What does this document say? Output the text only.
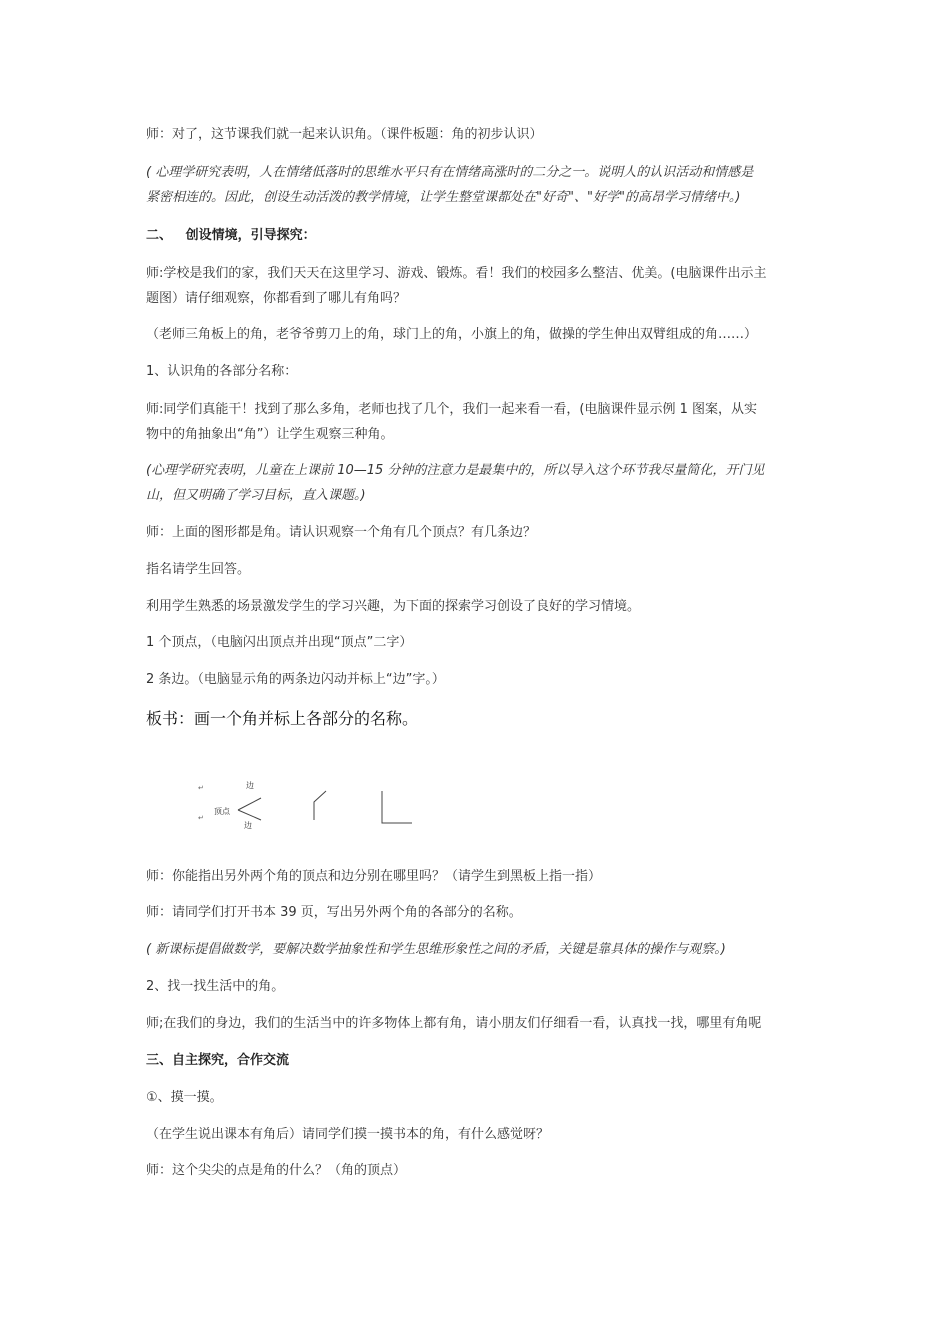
师：对了，这节课我们就一起来认识角。（课件板题：角的初步认识）
( 心理学研究表明，人在情绪低落时的思维水平只有在情绪高涨时的二分之一。说明人的认识活动和情感是
紧密相连的。因此，创设生动活泼的教学情境，让学生整堂课都处在"好奇"、"好学"的高昂学习情绪中。)
二、   创设情境，引导探究：
师:学校是我们的家，我们天天在这里学习、游戏、锻炼。看！我们的校园多么整洁、优美。(电脑课件出示主
题图）请仔细观察，你都看到了哪儿有角吗？
（老师三角板上的角，老爷爷剪刀上的角，球门上的角，小旗上的角，做操的学生伸出双臂组成的角……）
1、认识角的各部分名称：
师:同学们真能干！找到了那么多角，老师也找了几个，我们一起来看一看，(电脑课件显示例 1 图案，从实
物中的角抽象出“角”）让学生观察三种角。
(心理学研究表明，儿童在上课前 10—15 分钟的注意力是最集中的，所以导入这个环节我尽量简化，开门见
山，但又明确了学习目标，直入课题。)
师：上面的图形都是角。请认识观察一个角有几个顶点？有几条边？
指名请学生回答。
利用学生熟悉的场景激发学生的学习兴趣，为下面的探索学习创设了良好的学习情境。
1 个顶点，（电脑闪出顶点并出现“顶点”二字）
2 条边。（电脑显示角的两条边闪动并标上“边”字。）
板书：画一个角并标上各部分的名称。
↵
↵
边
顶点
边
师：你能指出另外两个角的顶点和边分别在哪里吗？（请学生到黑板上指一指）
师：请同学们打开书本 39 页，写出另外两个角的各部分的名称。
( 新课标提倡做数学，要解决数学抽象性和学生思维形象性之间的矛盾，关键是靠具体的操作与观察。)
2、找一找生活中的角。
师;在我们的身边，我们的生活当中的许多物体上都有角，请小朋友们仔细看一看，认真找一找，哪里有角呢
三、自主探究，合作交流
①、摸一摸。
（在学生说出课本有角后）请同学们摸一摸书本的角，有什么感觉呀？
师：这个尖尖的点是角的什么？（角的顶点）
